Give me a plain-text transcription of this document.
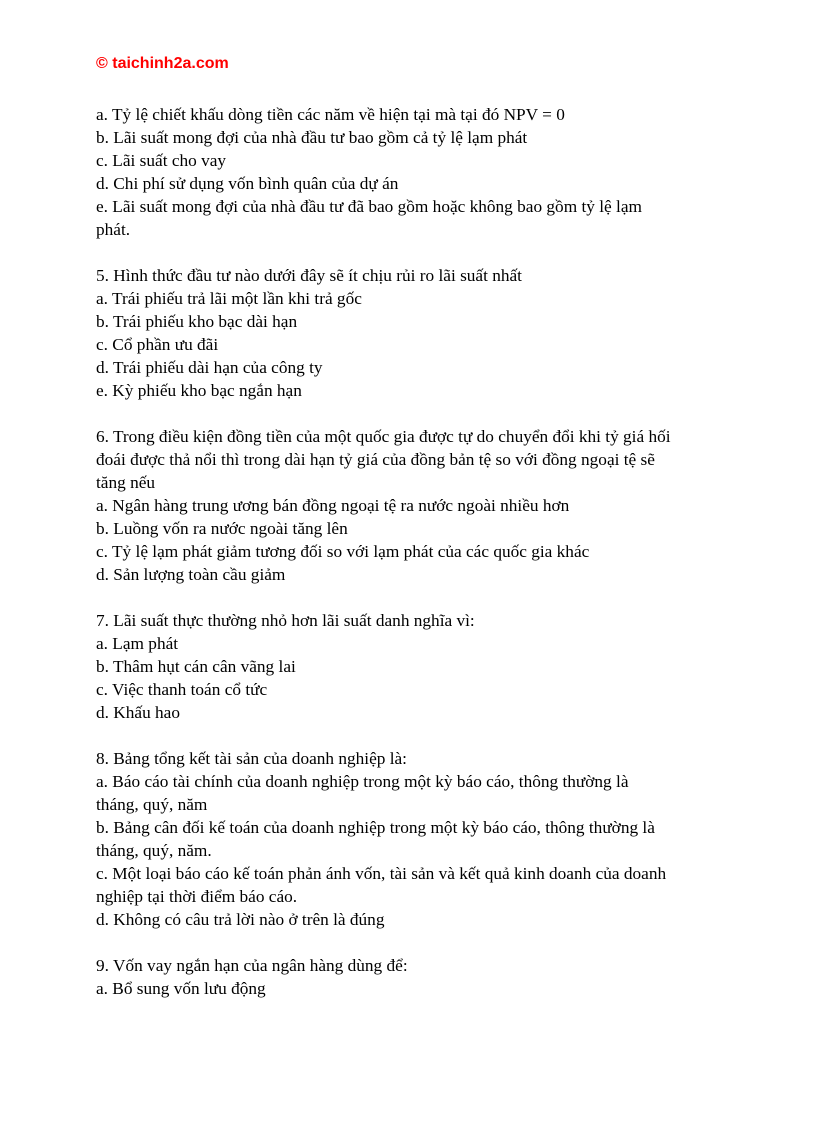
© taichinh2a.com
a. Tỷ lệ chiết khấu dòng tiền các năm về hiện tại mà tại đó NPV = 0
b. Lãi suất mong đợi của nhà đầu tư bao gồm cả tỷ lệ lạm phát
c. Lãi suất cho vay
d. Chi phí sử dụng vốn bình quân của dự án
e. Lãi suất mong đợi của nhà đầu tư đã bao gồm hoặc không bao gồm tỷ lệ lạm
phát.
5. Hình thức đầu tư nào dưới đây sẽ ít chịu rủi ro lãi suất nhất
a. Trái phiếu trả lãi một lần khi trả gốc
b. Trái phiếu kho bạc dài hạn
c. Cổ phần ưu đãi
d. Trái phiếu dài hạn của công ty
e. Kỳ phiếu kho bạc ngắn hạn
6. Trong điều kiện đồng tiền của một quốc gia được tự do chuyển đổi khi tỷ giá hối
đoái được thả nổi thì trong dài hạn tỷ giá của đồng bản tệ so với đồng ngoại tệ sẽ
tăng nếu
a. Ngân hàng trung ương bán đồng ngoại tệ ra nước ngoài nhiều hơn
b. Luồng vốn ra nước ngoài tăng lên
c. Tỷ lệ lạm phát giảm tương đối so với lạm phát của các quốc gia khác
d. Sản lượng toàn cầu giảm
7. Lãi suất thực thường nhỏ hơn lãi suất danh nghĩa vì:
a. Lạm phát
b. Thâm hụt cán cân vãng lai
c. Việc thanh toán cổ tức
d. Khấu hao
8. Bảng tổng kết tài sản của doanh nghiệp là:
a. Báo cáo tài chính của doanh nghiệp trong một kỳ báo cáo, thông thường là
tháng, quý, năm
b. Bảng cân đối kế toán của doanh nghiệp trong một kỳ báo cáo, thông thường là
tháng, quý, năm.
c. Một loại báo cáo kế toán phản ánh vốn, tài sản và kết quả kinh doanh của doanh
nghiệp tại thời điểm báo cáo.
d. Không có câu trả lời nào ở trên là đúng
9. Vốn vay ngắn hạn của ngân hàng dùng để:
a. Bổ sung vốn lưu động
